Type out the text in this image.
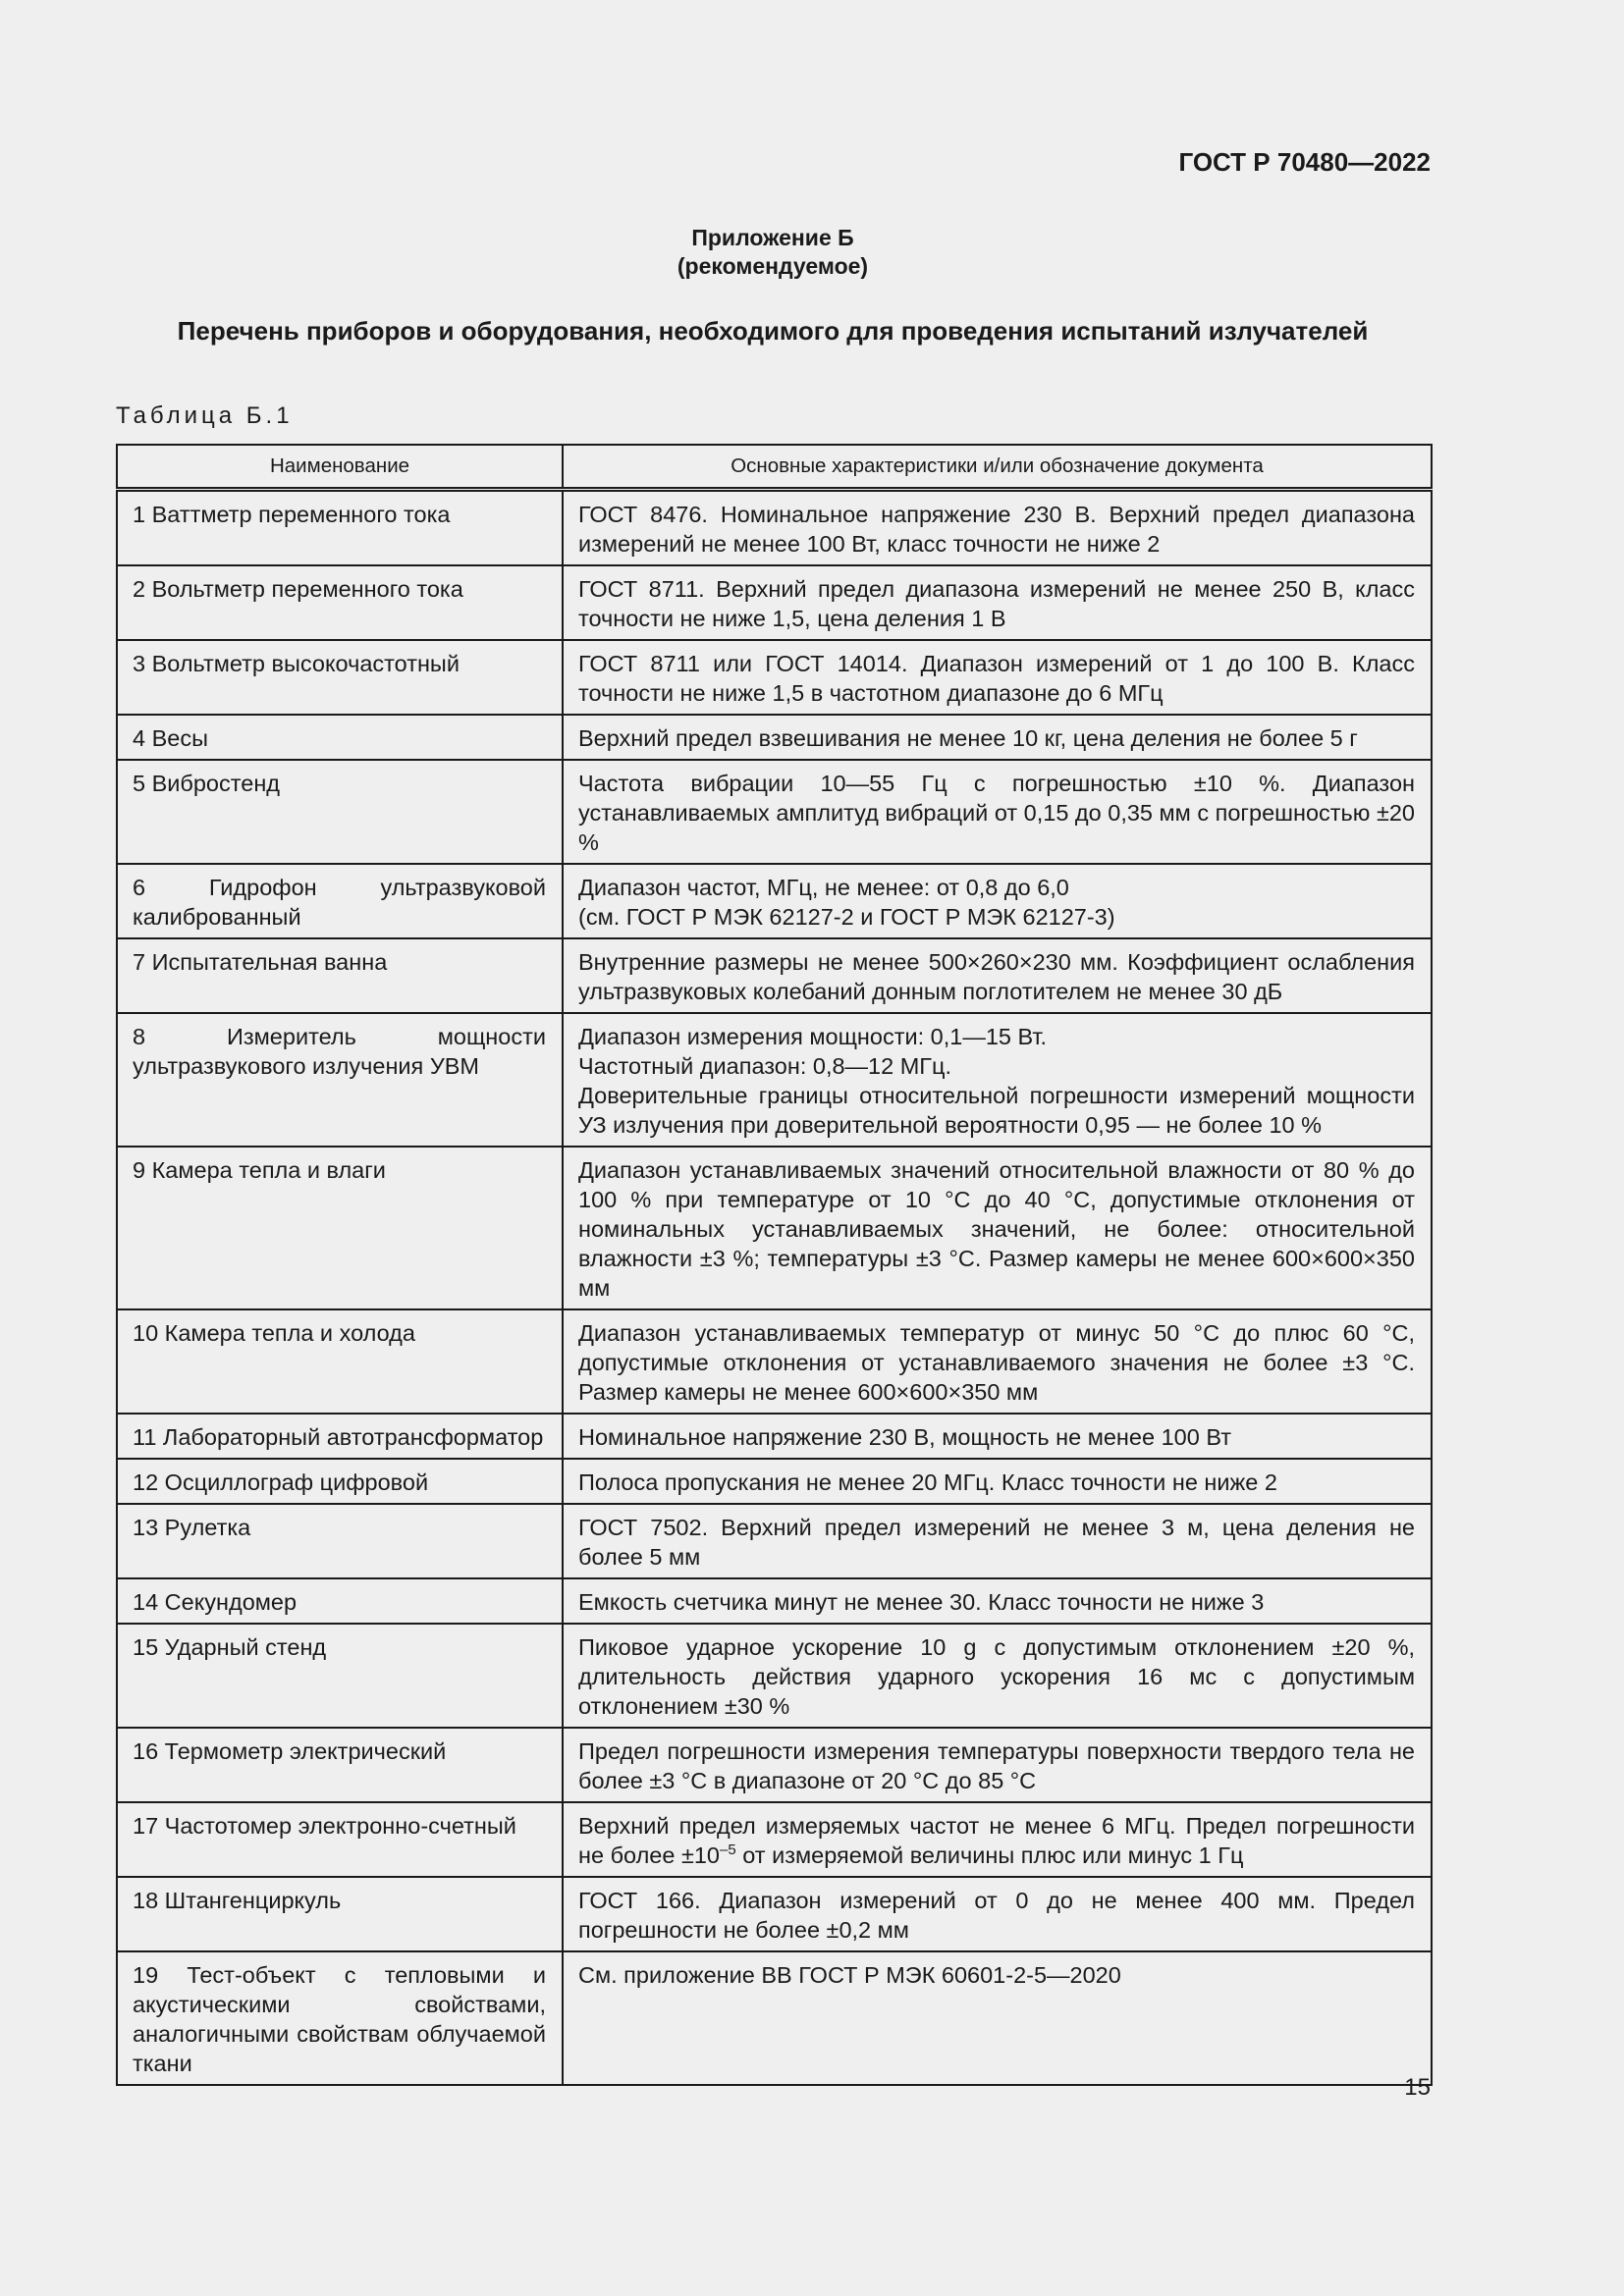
ГОСТ Р 70480—2022
Приложение Б
(рекомендуемое)
Перечень приборов и оборудования, необходимого для проведения испытаний излучателей
Таблица Б.1
Наименование	Основные характеристики и/или обозначение документа
1 Ваттметр переменного тока	ГОСТ 8476. Номинальное напряжение 230 В. Верхний предел диапазона измерений не менее 100 Вт, класс точности не ниже 2

2 Вольтметр переменного тока	ГОСТ 8711. Верхний предел диапазона измерений не менее 250 В, класс точности не ниже 1,5, цена деления 1 В

3 Вольтметр высокочастотный	ГОСТ 8711 или ГОСТ 14014. Диапазон измерений от 1 до 100 В. Класс точности не ниже 1,5 в частотном диапазоне до 6 МГц

4 Весы	Верхний предел взвешивания не менее 10 кг, цена деления не более 5 г

5 Вибростенд	Частота вибрации 10—55 Гц с погрешностью ±10 %. Диапазон устанавливаемых амплитуд вибраций от 0,15 до 0,35 мм с погрешностью ±20 %

6 Гидрофон ультразвуковой калиброванный	Диапазон частот, МГц, не менее: от 0,8 до 6,0
(см. ГОСТ Р МЭК 62127-2 и ГОСТ Р МЭК 62127-3)

7 Испытательная ванна	Внутренние размеры не менее 500×260×230 мм. Коэффициент ослабления ультразвуковых колебаний донным поглотителем не менее 30 дБ

8 Измеритель мощности ультразвукового излучения УВМ	Диапазон измерения мощности: 0,1—15 Вт.
Частотный диапазон: 0,8—12 МГц.
Доверительные границы относительной погрешности измерений мощности УЗ излучения при доверительной вероятности 0,95 — не более 10 %

9 Камера тепла и влаги	Диапазон устанавливаемых значений относительной влажности от 80 % до 100 % при температуре от 10 °С до 40 °С, допустимые отклонения от номинальных устанавливаемых значений, не более: относительной влажности ±3 %; температуры ±3 °С. Размер камеры не менее 600×600×350 мм

10 Камера тепла и холода	Диапазон устанавливаемых температур от минус 50 °С до плюс 60 °С, допустимые отклонения от устанавливаемого значения не более ±3 °С. Размер камеры не менее 600×600×350 мм

11 Лабораторный автотрансформатор	Номинальное напряжение 230 В, мощность не менее 100 Вт

12 Осциллограф цифровой	Полоса пропускания не менее 20 МГц. Класс точности не ниже 2

13 Рулетка	ГОСТ 7502. Верхний предел измерений не менее 3 м, цена деления не более 5 мм

14 Секундомер	Емкость счетчика минут не менее 30. Класс точности не ниже 3

15 Ударный стенд	Пиковое ударное ускорение 10 g с допустимым отклонением ±20 %, длительность действия ударного ускорения 16 мс с допустимым отклонением ±30 %

16 Термометр электрический	Предел погрешности измерения температуры поверхности твердого тела не более ±3 °С в диапазоне от 20 °С до 85 °С

17 Частотомер электронно-счетный	Верхний предел измеряемых частот не менее 6 МГц. Предел погрешности не более $\pm 10^{-5}$ от измеряемой величины плюс или минус 1 Гц
18 Штангенциркуль	ГОСТ 166. Диапазон измерений от 0 до не менее 400 мм. Предел погрешности не более ±0,2 мм

19 Тест-объект с тепловыми и акустическими свойствами, аналогичными свойствам облучаемой ткани	См. приложение ВВ ГОСТ Р МЭК 60601-2-5—2020
15
